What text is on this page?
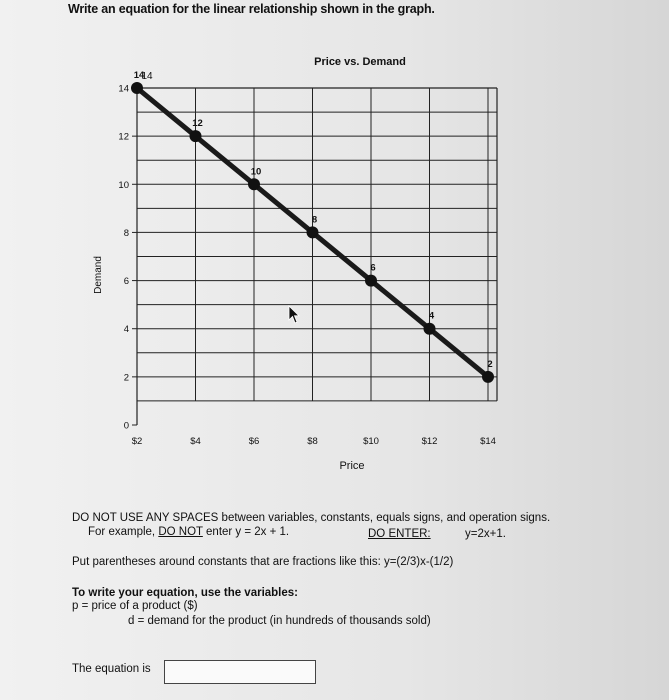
Write an equation for the linear relationship shown in the graph.
0
2
4
6
8
10
12
14
$2	$4	$6	$8	$10	$12	$14
14
12
10
8
6
4
2
Price vs. Demand
Price
Demand
14
DO NOT USE ANY SPACES between variables, constants, equals signs, and operation signs.
For example, DO NOT enter y = 2x + 1.	DO ENTER:	y=2x+1.
Put parentheses around constants that are fractions like this: y=(2/3)x-(1/2)
To write your equation, use the variables:
p = price of a product ($)
d = demand for the product (in hundreds of thousands sold)
The equation is
